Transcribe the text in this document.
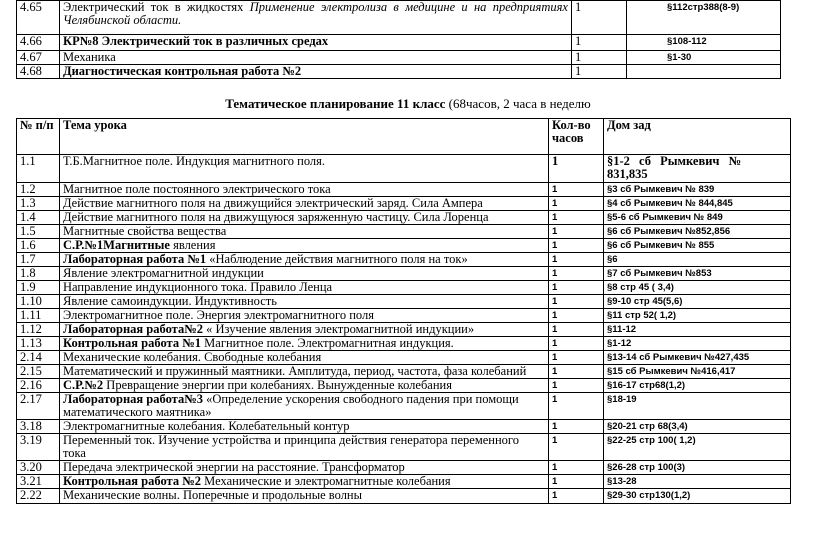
4.65	Электрический ток в жидкостях Применение электролиза в медицине и на предприятиях Челябинской области.	1	§112стр388(8-9)
4.66	КР№8 Электрический ток в различных средах	1	§108-112
4.67	Механика	1	§1-30
4.68	Диагностическая контрольная работа №2	1	
Тематическое планирование 11 класс (68часов, 2 часа в неделю
№ п/п	Тема урока	Кол-во часов	Дом зад	
1.1	Т.Б.Магнитное поле. Индукция магнитного поля.	1	§1-2 сб Рымкевич № 831,835	
1.2	Магнитное поле постоянного электрического тока	1	§3 сб Рымкевич № 839	
1.3	Действие магнитного поля на движущийся электрический заряд. Сила Ампера	1	§4 сб Рымкевич № 844,845	
1.4	Действие магнитного поля на движущуюся заряженную частицу. Сила Лоренца	1	§5-6 сб Рымкевич № 849	
1.5	Магнитные свойства вещества	1	§6 сб Рымкевич №852,856	
1.6	С.Р.№1Магнитные явления	1	§6 сб Рымкевич № 855	
1.7	Лабораторная работа №1 «Наблюдение действия магнитного поля на ток»	1	§6	
1.8	Явление электромагнитной индукции	1	§7 сб Рымкевич №853	
1.9	Направление индукционного тока. Правило Ленца	1	§8 стр 45 ( 3,4)	
1.10	Явление самоиндукции. Индуктивность	1	§9-10 стр 45(5,6)	
1.11	Электромагнитное поле. Энергия электромагнитного поля	1	§11 стр 52( 1,2)	
1.12	Лабораторная работа№2 « Изучение явления электромагнитной индукции»	1	§11-12	
1.13	Контрольная работа №1 Магнитное поле. Электромагнитная индукция.	1	§1-12	
2.14	Механические колебания. Свободные колебания	1	§13-14 сб Рымкевич №427,435	
2.15	Математический и пружинный маятники. Амплитуда, период, частота, фаза колебаний	1	§15 сб Рымкевич №416,417	
2.16	С.Р.№2 Превращение энергии при колебаниях. Вынужденные колебания	1	§16-17 стр68(1,2)	
2.17	Лабораторная работа№3 «Определение ускорения свободного падения при помощи математического маятника»	1	§18-19	
3.18	Электромагнитные колебания. Колебательный контур	1	§20-21 стр 68(3,4)	
3.19	Переменный ток. Изучение устройства и принципа действия генератора переменного тока	1	§22-25 стр 100( 1,2)	
3.20	Передача электрической энергии на расстояние. Трансформатор	1	§26-28 стр 100(3)	
3.21	Контрольная работа №2 Механические и электромагнитные колебания	1	§13-28	
2.22	Механические волны. Поперечные и продольные волны	1	§29-30 стр130(1,2)	
